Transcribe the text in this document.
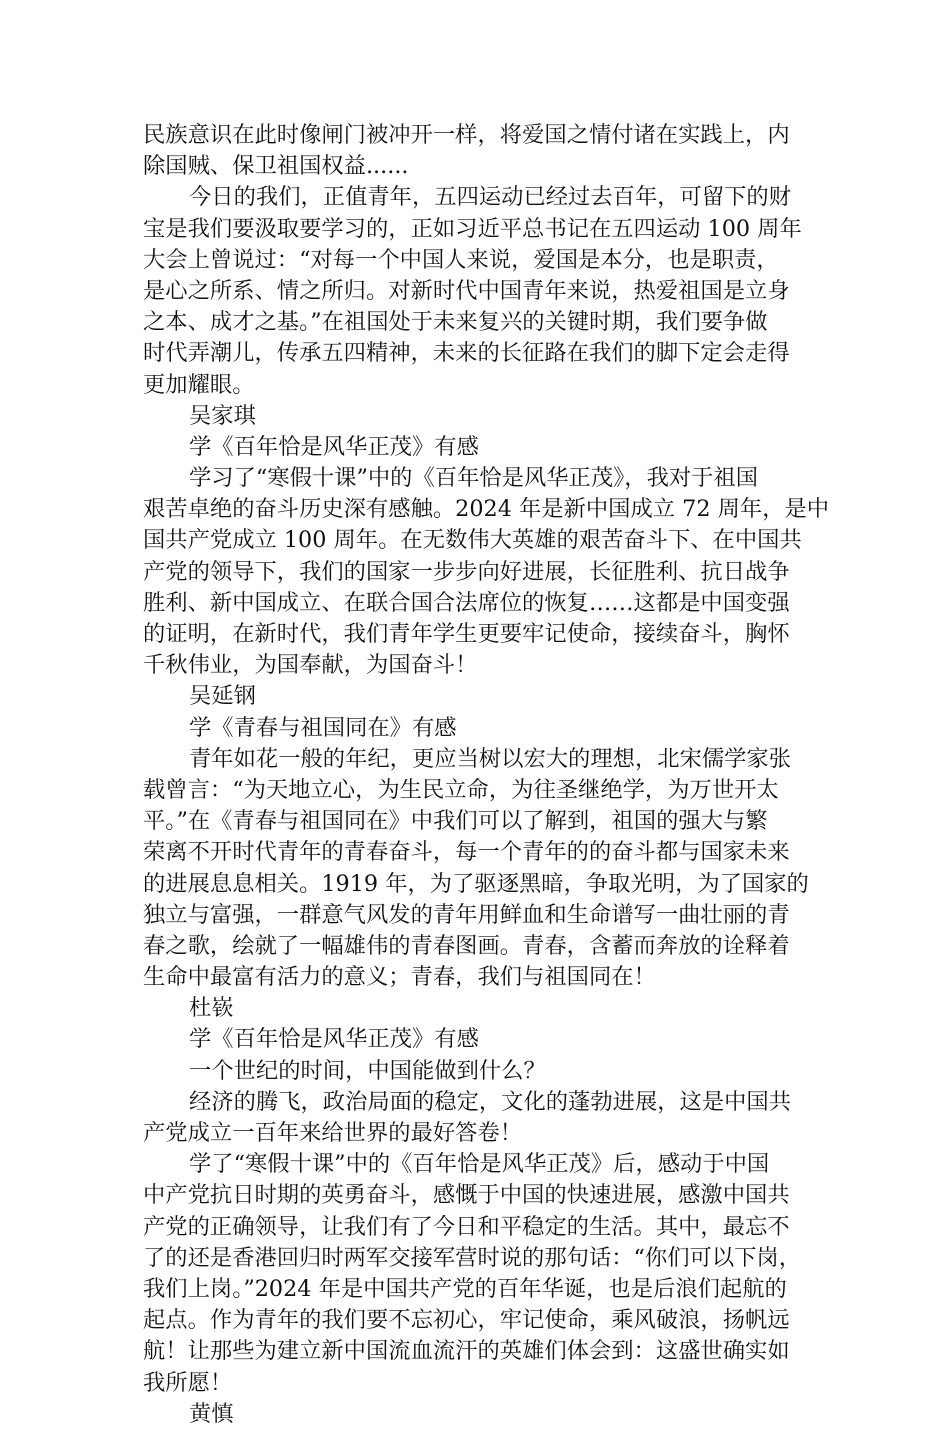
民族意识在此时像闸门被冲开一样，将爱国之情付诸在实践上，内
除国贼、保卫祖国权益......
今日的我们，正值青年，五四运动已经过去百年，可留下的财
宝是我们要汲取要学习的，正如习近平总书记在五四运动 100 周年
大会上曾说过：“对每一个中国人来说，爱国是本分，也是职责，
是心之所系、情之所归。对新时代中国青年来说，热爱祖国是立身
之本、成才之基。”在祖国处于未来复兴的关键时期，我们要争做
时代弄潮儿，传承五四精神，未来的长征路在我们的脚下定会走得
更加耀眼。
吴家琪
学《百年恰是风华正茂》有感
学习了“寒假十课”中的《百年恰是风华正茂》，我对于祖国
艰苦卓绝的奋斗历史深有感触。2024 年是新中国成立 72 周年，是中
国共产党成立 100 周年。在无数伟大英雄的艰苦奋斗下、在中国共
产党的领导下，我们的国家一步步向好进展，长征胜利、抗日战争
胜利、新中国成立、在联合国合法席位的恢复……这都是中国变强
的证明，在新时代，我们青年学生更要牢记使命，接续奋斗，胸怀
千秋伟业，为国奉献，为国奋斗！
吴延钢
学《青春与祖国同在》有感
青年如花一般的年纪，更应当树以宏大的理想，北宋儒学家张
载曾言：“为天地立心，为生民立命，为往圣继绝学，为万世开太
平。”在《青春与祖国同在》中我们可以了解到，祖国的强大与繁
荣离不开时代青年的青春奋斗，每一个青年的的奋斗都与国家未来
的进展息息相关。1919 年，为了驱逐黑暗，争取光明，为了国家的
独立与富强，一群意气风发的青年用鲜血和生命谱写一曲壮丽的青
春之歌，绘就了一幅雄伟的青春图画。青春，含蓄而奔放的诠释着
生命中最富有活力的意义；青春，我们与祖国同在！
杜嵚
学《百年恰是风华正茂》有感
一个世纪的时间，中国能做到什么？
经济的腾飞，政治局面的稳定，文化的蓬勃进展，这是中国共
产党成立一百年来给世界的最好答卷！
学了“寒假十课”中的《百年恰是风华正茂》后，感动于中国
中产党抗日时期的英勇奋斗，感慨于中国的快速进展，感激中国共
产党的正确领导，让我们有了今日和平稳定的生活。其中，最忘不
了的还是香港回归时两军交接军营时说的那句话：“你们可以下岗，
我们上岗。”2024 年是中国共产党的百年华诞，也是后浪们起航的
起点。作为青年的我们要不忘初心，牢记使命，乘风破浪，扬帆远
航！让那些为建立新中国流血流汗的英雄们体会到：这盛世确实如
我所愿！
黄慎
